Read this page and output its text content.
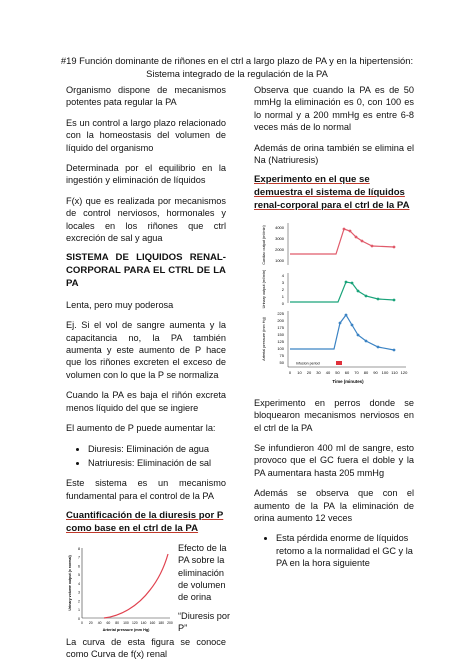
#19 Función dominante de riñones en el ctrl a largo plazo de PA y en la hipertensión:
Sistema integrado de la regulación de la PA

Organismo dispone de mecanismos potentes pata regular la PA

Es un control a largo plazo relacionado con la homeostasis del volumen de líquido del organismo

Determinada por el equilibrio en la ingestión y eliminación de líquidos

F(x) que es realizada por mecanismos de control nerviosos, hormonales y locales en los riñones que ctrl excreción de sal y agua

SISTEMA DE LIQUIDOS RENAL-CORPORAL PARA EL CTRL DE LA PA

Lenta, pero muy poderosa

Ej. Si el vol de sangre aumenta y la capacitancia no, la PA también aumenta y este aumento de P hace que los riñones excreten el exceso de volumen con lo que la P se normaliza

Cuando la PA es baja el riñón excreta menos líquido del que se ingiere

El aumento de P puede aumentar la:

• Diuresis: Eliminación de agua
• Natriuresis: Eliminación de sal

Este sistema es un mecanismo fundamental para el control de la PA

Cuantificación de la diuresis por P como base en el ctrl de la PA
0
1
2
3
4
5
6
7
8
0 20 40 60 80 100 120 140 160 180 200
Arterial pressure (mm Hg)
Urinary volume output (x normal)
Efecto de la PA sobre la eliminación de volumen de orina
“Diuresis por P”

La curva de esta figura se conoce como Curva de f(x) renal

Observa que cuando la PA es de 50 mmHg la eliminación es 0, con 100 es lo normal y a 200 mmHg es entre 6-8 veces más de lo normal

Además de orina también se elimina el Na (Natriuresis)

Experimento en el que se demuestra el sistema de líquidos renal-corporal para el ctrl de la PA
4000
3000
2000
1000
Cardiac output (ml/min)
4
3
2
1
0
Urinary output (ml/min)
225
200
175
150
125
100
75
50
Arterial pressure (mm Hg)
Infusion period
0 10 20 30 40 50 60 70 80 90 100 110 120
Time (minutes)

Experimento en perros donde se bloquearon mecanismos nerviosos en el ctrl de la PA

Se infundieron 400 ml de sangre, esto provoco que el GC fuera el doble y la PA aumentara hasta 205 mmHg

Además se observa que con el aumento de la PA la eliminación de orina aumento 12 veces

• Esta pérdida enorme de líquidos retomo a la normalidad el GC y la PA en la hora siguiente
